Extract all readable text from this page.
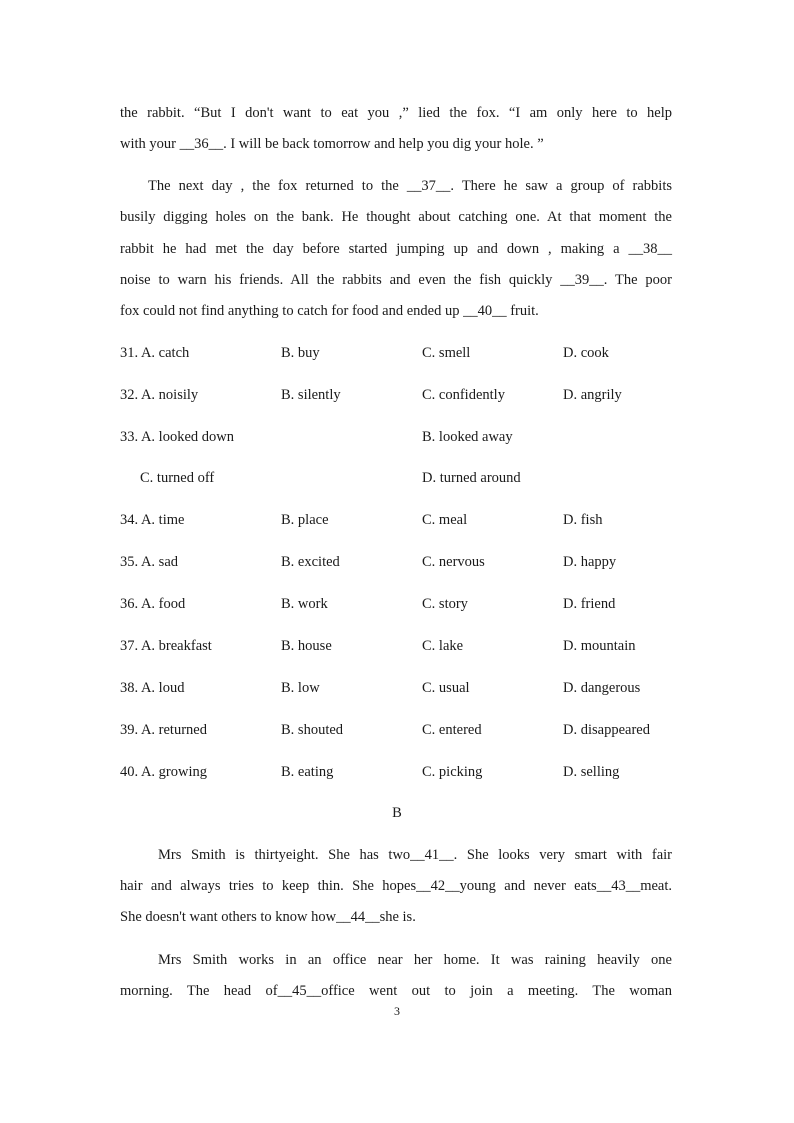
the rabbit. “But I don't want to eat you ,” lied the fox. “I am only here to help
with your __36__. I will be back tomorrow and help you dig your hole. ”
The next day , the fox returned to the __37__. There he saw a group of rabbits
busily digging holes on the bank. He thought about catching one. At that moment the
rabbit he had met the day before started jumping up and down , making a __38__
noise to warn his friends. All the rabbits and even the fish quickly __39__. The poor
fox could not find anything to catch for food and ended up __40__ fruit.
31. A. catch	B. buy	C. smell	D. cook
32. A. noisily	B. silently	C. confidently	D. angrily
33. A. looked down	B. looked away
C. turned off	D. turned around
34. A. time	B. place	C. meal	D. fish
35. A. sad	B. excited	C. nervous	D. happy
36. A. food	B. work	C. story	D. friend
37. A. breakfast	B. house	C. lake	D. mountain
38. A. loud	B. low	C. usual	D. dangerous
39. A. returned	B. shouted	C. entered	D. disappeared
40. A. growing	B. eating	C. picking	D. selling
B
Mrs Smith is thirtyeight. She has two__41__. She looks very smart with fair
hair and always tries to keep thin. She hopes__42__young and never eats__43__meat.
She doesn't want others to know how__44__she is.
Mrs Smith works in an office near her home. It was raining heavily one
morning. The head of__45__office went out to join a meeting. The woman
3
